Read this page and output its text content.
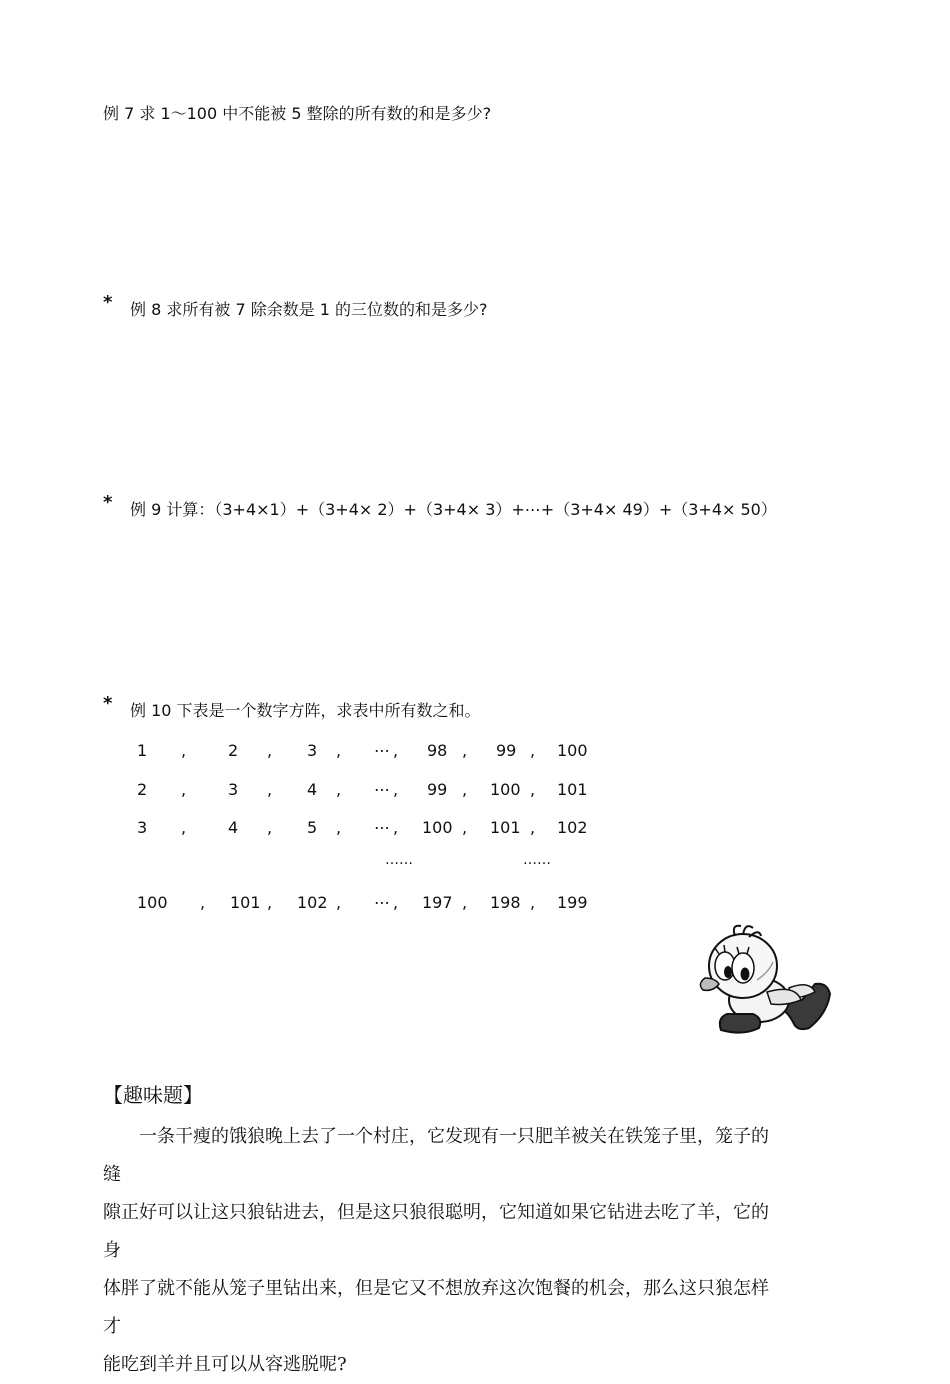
例 7 求 1～100 中不能被 5 整除的所有数的和是多少?
* 例 8 求所有被 7 除余数是 1 的三位数的和是多少?
* 例 9 计算：（3+4×1）+（3+4× 2）+（3+4× 3）+⋯+（3+4× 49）+（3+4× 50）
* 例 10 下表是一个数字方阵，求表中所有数之和。
1 ,	2 , 3 , ⋯ , 98 , 99 , 100
2 ,	3 , 4 , ⋯ , 99 , 100 , 101
3 ,	4 , 5 , ⋯ , 100 , 101 , 102
……	……
100 , 101 , 102 , ⋯ , 197 , 198 , 199
【趣味题】

　　一条干瘦的饿狼晚上去了一个村庄，它发现有一只肥羊被关在铁笼子里，笼子的缝

隙正好可以让这只狼钻进去，但是这只狼很聪明，它知道如果它钻进去吃了羊，它的身

体胖了就不能从笼子里钻出来，但是它又不想放弃这次饱餐的机会，那么这只狼怎样才

能吃到羊并且可以从容逃脱呢?
